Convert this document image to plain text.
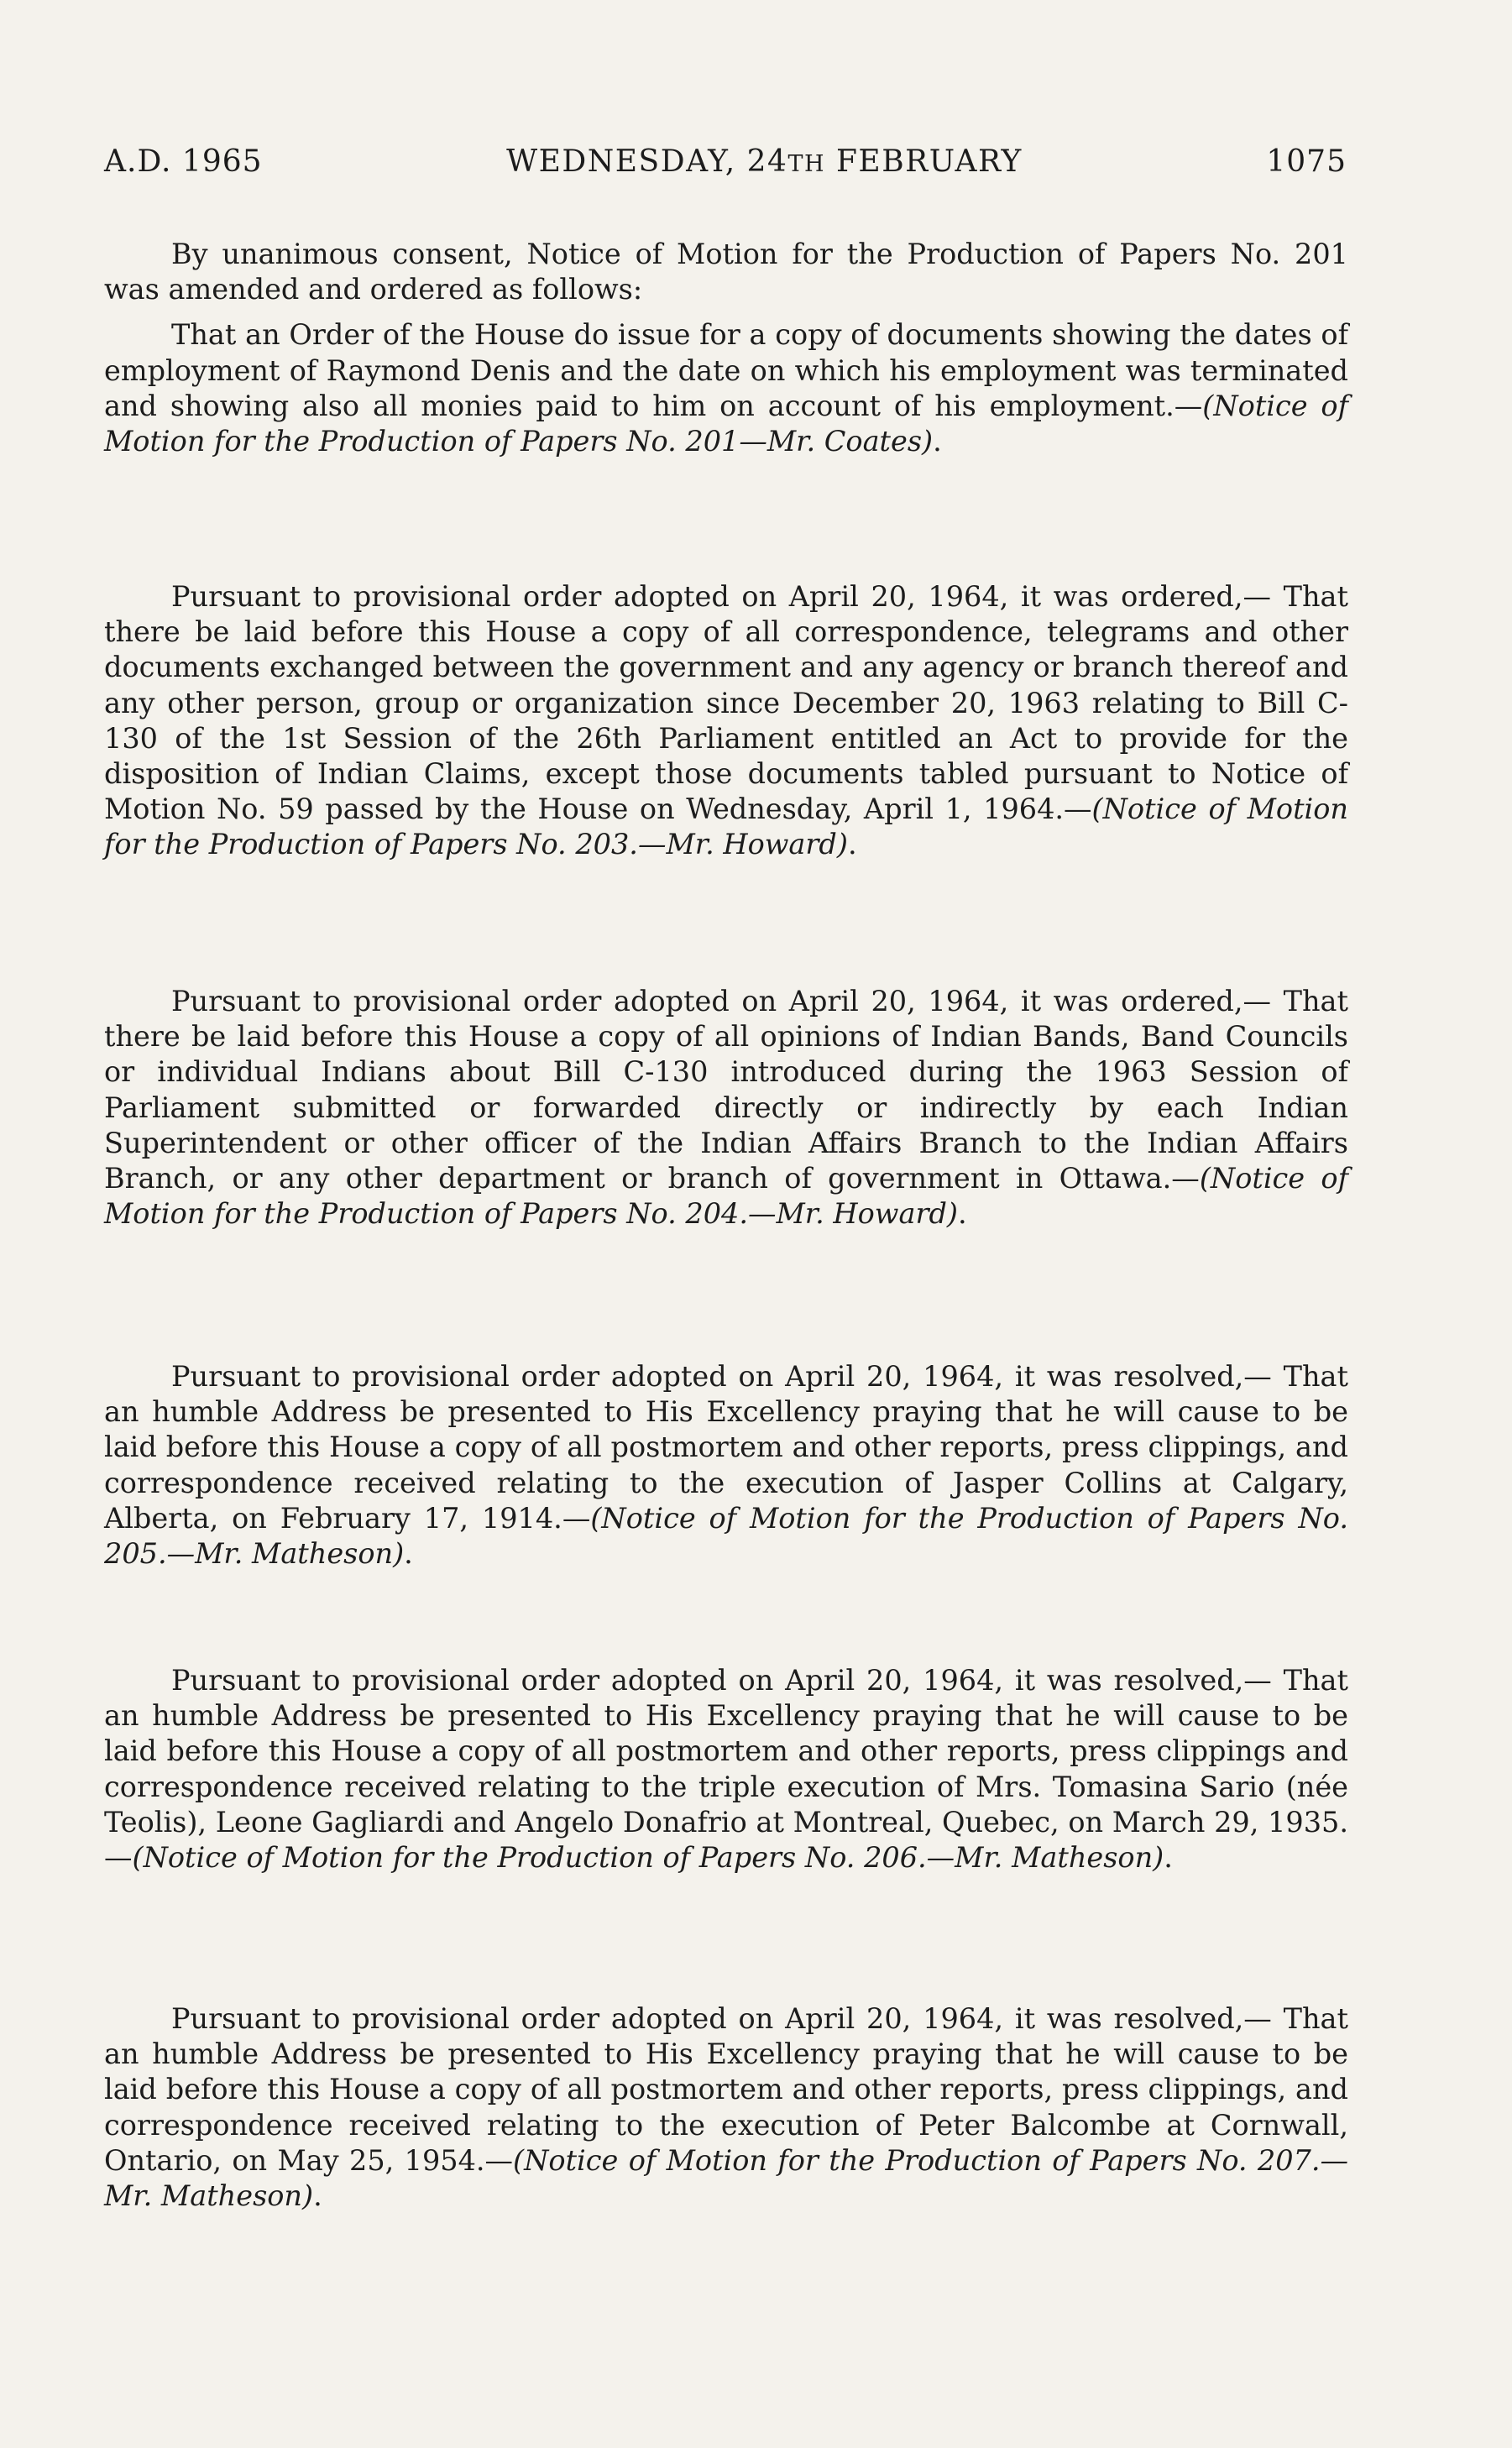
A.D. 1965	WEDNESDAY, 24TH FEBRUARY	1075

By unanimous consent, Notice of Motion for the Production of Papers No. 201 was amended and ordered as follows:

That an Order of the House do issue for a copy of documents showing the dates of employment of Raymond Denis and the date on which his employment was terminated and showing also all monies paid to him on account of his employment.—(Notice of Motion for the Production of Papers No. 201—Mr. Coates).

Pursuant to provisional order adopted on April 20, 1964, it was ordered,— That there be laid before this House a copy of all correspondence, telegrams and other documents exchanged between the government and any agency or branch thereof and any other person, group or organization since December 20, 1963 relating to Bill C-130 of the 1st Session of the 26th Parliament entitled an Act to provide for the disposition of Indian Claims, except those documents tabled pursuant to Notice of Motion No. 59 passed by the House on Wednesday, April 1, 1964.—(Notice of Motion for the Production of Papers No. 203.—Mr. Howard).

Pursuant to provisional order adopted on April 20, 1964, it was ordered,— That there be laid before this House a copy of all opinions of Indian Bands, Band Councils or individual Indians about Bill C-130 introduced during the 1963 Session of Parliament submitted or forwarded directly or indirectly by each Indian Superintendent or other officer of the Indian Affairs Branch to the Indian Affairs Branch, or any other department or branch of government in Ottawa.—(Notice of Motion for the Production of Papers No. 204.—Mr. Howard).

Pursuant to provisional order adopted on April 20, 1964, it was resolved,— That an humble Address be presented to His Excellency praying that he will cause to be laid before this House a copy of all postmortem and other reports, press clippings, and correspondence received relating to the execution of Jasper Collins at Calgary, Alberta, on February 17, 1914.—(Notice of Motion for the Production of Papers No. 205.—Mr. Matheson).

Pursuant to provisional order adopted on April 20, 1964, it was resolved,— That an humble Address be presented to His Excellency praying that he will cause to be laid before this House a copy of all postmortem and other reports, press clippings and correspondence received relating to the triple execution of Mrs. Tomasina Sario (née Teolis), Leone Gagliardi and Angelo Donafrio at Montreal, Quebec, on March 29, 1935.—(Notice of Motion for the Production of Papers No. 206.—Mr. Matheson).

Pursuant to provisional order adopted on April 20, 1964, it was resolved,— That an humble Address be presented to His Excellency praying that he will cause to be laid before this House a copy of all postmortem and other reports, press clippings, and correspondence received relating to the execution of Peter Balcombe at Cornwall, Ontario, on May 25, 1954.—(Notice of Motion for the Production of Papers No. 207.—Mr. Matheson).
